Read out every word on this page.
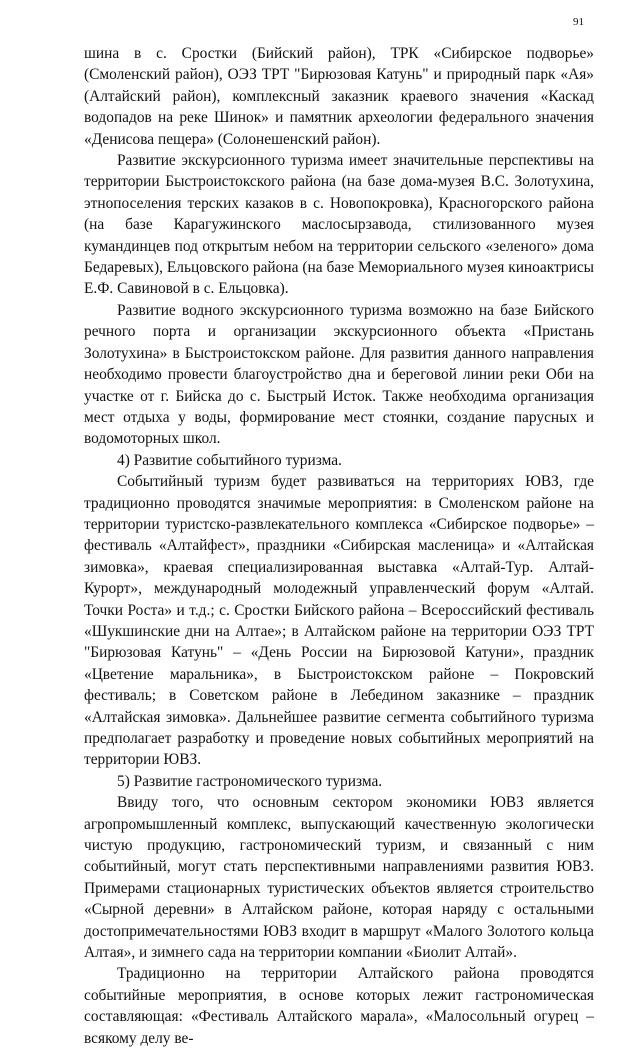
91

шина в с. Сростки (Бийский район), ТРК «Сибирское подворье» (Смоленский район), ОЭЗ ТРТ "Бирюзовая Катунь" и природный парк «Ая» (Алтайский район), комплексный заказник краевого значения «Каскад водопадов на реке Шинок» и памятник археологии федерального значения «Денисова пещера» (Солонешенский район).

Развитие экскурсионного туризма имеет значительные перспективы на территории Быстроистокского района (на базе дома-музея В.С. Золотухина, этнопоселения терских казаков в с. Новопокровка), Красногорского района (на базе Карагужинского маслосырзавода, стилизованного музея кумандинцев под открытым небом на территории сельского «зеленого» дома Бедаревых), Ельцовского района (на базе Мемориального музея киноактрисы Е.Ф. Савиновой в с. Ельцовка).

Развитие водного экскурсионного туризма возможно на базе Бийского речного порта и организации экскурсионного объекта «Пристань Золотухина» в Быстроистокском районе. Для развития данного направления необходимо провести благоустройство дна и береговой линии реки Оби на участке от г. Бийска до с. Быстрый Исток. Также необходима организация мест отдыха у воды, формирование мест стоянки, создание парусных и водомоторных школ.

4) Развитие событийного туризма.

Событийный туризм будет развиваться на территориях ЮВЗ, где традиционно проводятся значимые мероприятия: в Смоленском районе на территории туристско-развлекательного комплекса «Сибирское подворье» – фестиваль «Алтайфест», праздники «Сибирская масленица» и «Алтайская зимовка», краевая специализированная выставка «Алтай-Тур. Алтай-Курорт», международный молодежный управленческий форум «Алтай. Точки Роста» и т.д.; с. Сростки Бийского района – Всероссийский фестиваль «Шукшинские дни на Алтае»; в Алтайском районе на территории ОЭЗ ТРТ "Бирюзовая Катунь" – «День России на Бирюзовой Катуни», праздник «Цветение маральника», в Быстроистокском районе – Покровский фестиваль; в Советском районе в Лебедином заказнике – праздник «Алтайская зимовка». Дальнейшее развитие сегмента событийного туризма предполагает разработку и проведение новых событийных мероприятий на территории ЮВЗ.

5) Развитие гастрономического туризма.

Ввиду того, что основным сектором экономики ЮВЗ является агропромышленный комплекс, выпускающий качественную экологически чистую продукцию, гастрономический туризм, и связанный с ним событийный, могут стать перспективными направлениями развития ЮВЗ. Примерами стационарных туристических объектов является строительство «Сырной деревни» в Алтайском районе, которая наряду с остальными достопримечательностями ЮВЗ входит в маршрут «Малого Золотого кольца Алтая», и зимнего сада на территории компании «Биолит Алтай».

Традиционно на территории Алтайского района проводятся событийные мероприятия, в основе которых лежит гастрономическая составляющая: «Фестиваль Алтайского марала», «Малосольный огурец – всякому делу ве-
